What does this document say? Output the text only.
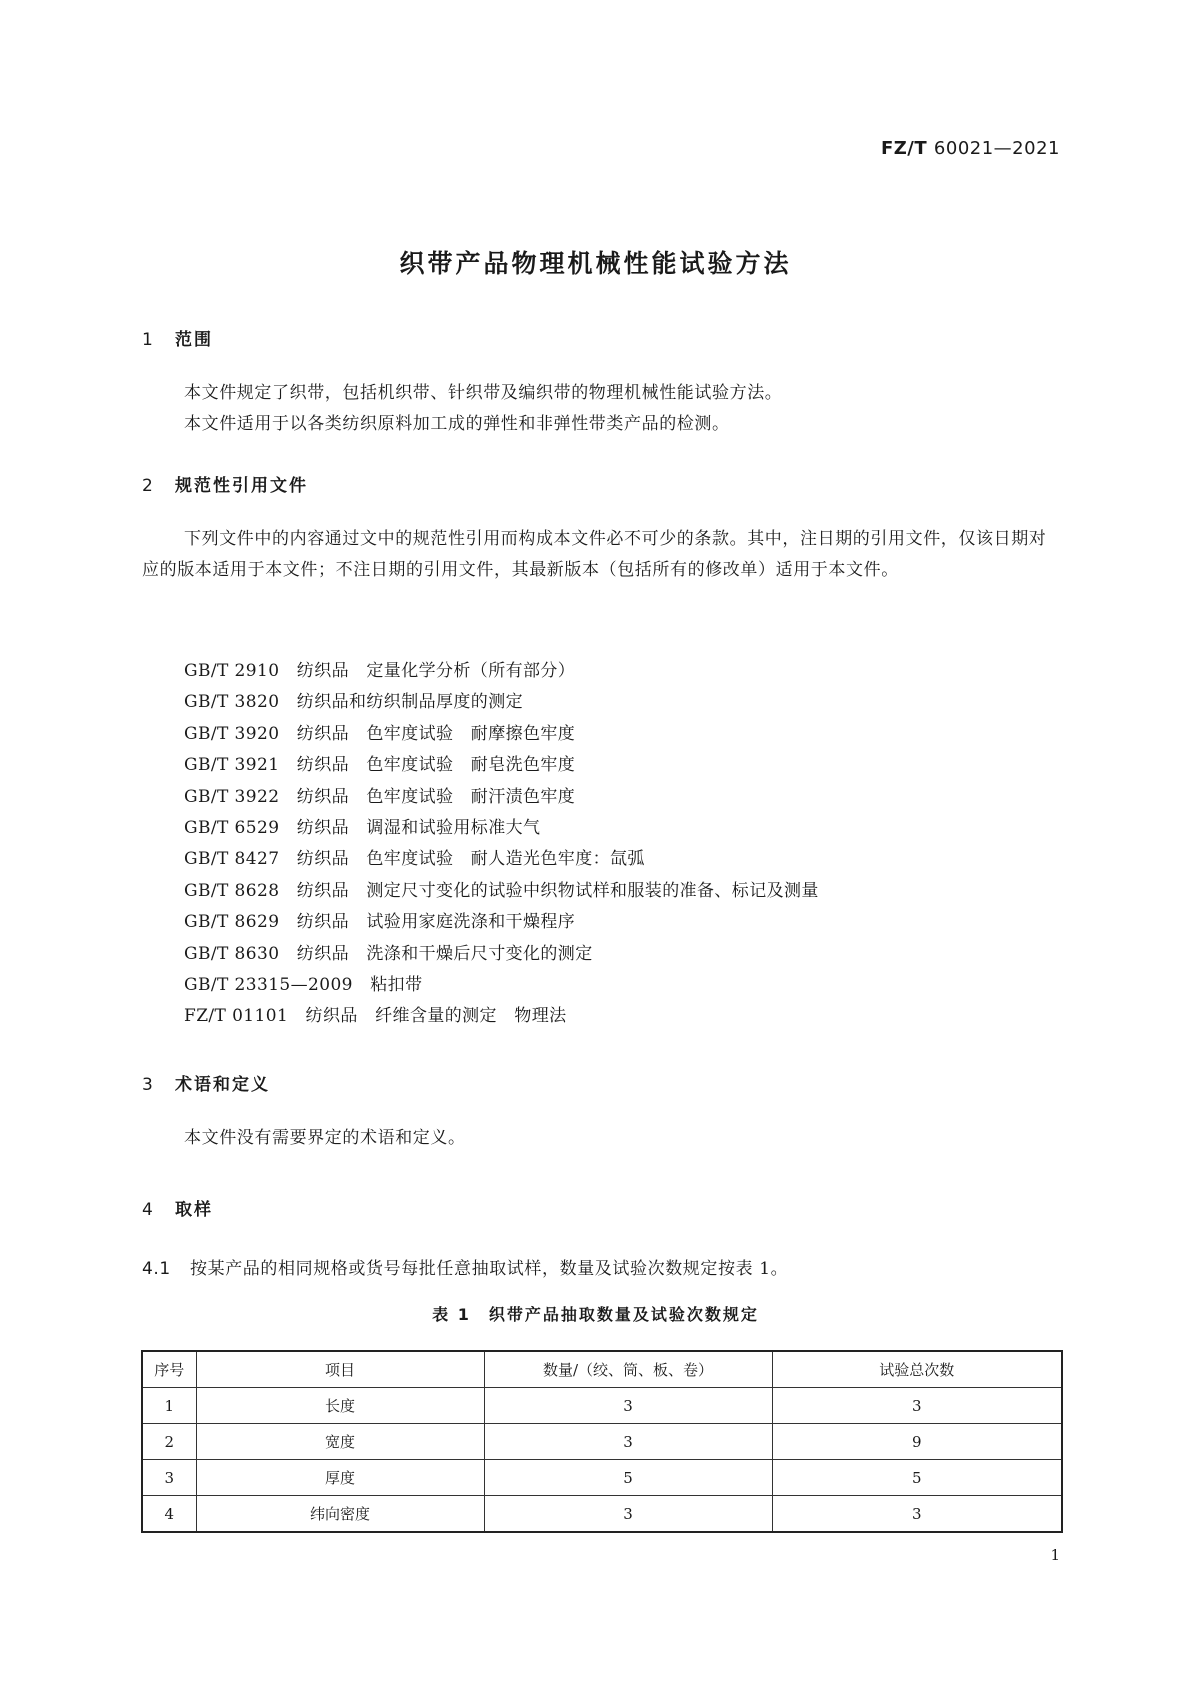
FZ/T 60021—2021
织带产品物理机械性能试验方法
1 范围
本文件规定了织带，包括机织带、针织带及编织带的物理机械性能试验方法。
本文件适用于以各类纺织原料加工成的弹性和非弹性带类产品的检测。
2 规范性引用文件
下列文件中的内容通过文中的规范性引用而构成本文件必不可少的条款。其中，注日期的引用文件，仅该日期对应的版本适用于本文件；不注日期的引用文件，其最新版本（包括所有的修改单）适用于本文件。
GB/T 2910　纺织品　定量化学分析（所有部分）
GB/T 3820　纺织品和纺织制品厚度的测定
GB/T 3920　纺织品　色牢度试验　耐摩擦色牢度
GB/T 3921　纺织品　色牢度试验　耐皂洗色牢度
GB/T 3922　纺织品　色牢度试验　耐汗渍色牢度
GB/T 6529　纺织品　调湿和试验用标准大气
GB/T 8427　纺织品　色牢度试验　耐人造光色牢度：氙弧
GB/T 8628　纺织品　测定尺寸变化的试验中织物试样和服装的准备、标记及测量
GB/T 8629　纺织品　试验用家庭洗涤和干燥程序
GB/T 8630　纺织品　洗涤和干燥后尺寸变化的测定
GB/T 23315—2009　粘扣带
FZ/T 01101　纺织品　纤维含量的测定　物理法
3 术语和定义
本文件没有需要界定的术语和定义。
4 取样
4.1 按某产品的相同规格或货号每批任意抽取试样，数量及试验次数规定按表 1。
表 1　织带产品抽取数量及试验次数规定
序号	项目	数量/（绞、筒、板、卷）	试验总次数
1	长度	3	3
2	宽度	3	9
3	厚度	5	5
4	纬向密度	3	3
1
